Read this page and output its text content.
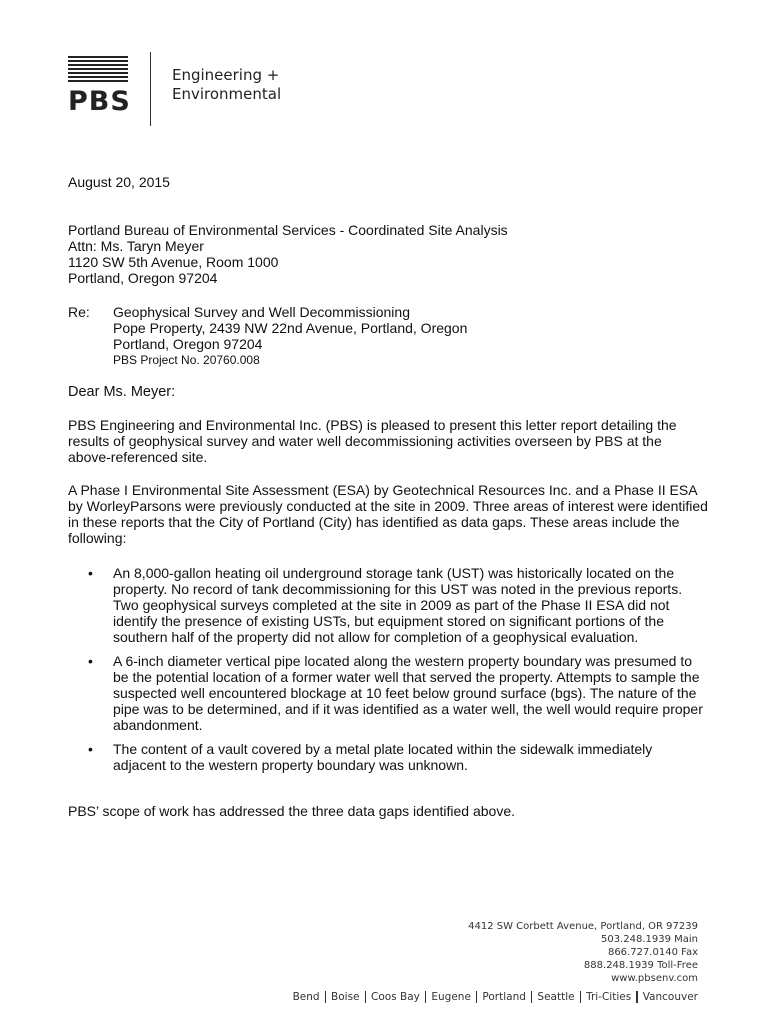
PBS
Engineering +
Environmental
August 20, 2015
Portland Bureau of Environmental Services - Coordinated Site Analysis
Attn: Ms. Taryn Meyer
1120 SW 5th Avenue, Room 1000
Portland, Oregon 97204
Re: Geophysical Survey and Well Decommissioning
Pope Property, 2439 NW 22nd Avenue, Portland, Oregon
Portland, Oregon 97204
PBS Project No. 20760.008
Dear Ms. Meyer:
PBS Engineering and Environmental Inc. (PBS) is pleased to present this letter report detailing the results of geophysical survey and water well decommissioning activities overseen by PBS at the above-referenced site.
A Phase I Environmental Site Assessment (ESA) by Geotechnical Resources Inc. and a Phase II ESA by WorleyParsons were previously conducted at the site in 2009. Three areas of interest were identified in these reports that the City of Portland (City) has identified as data gaps. These areas include the following:
• An 8,000-gallon heating oil underground storage tank (UST) was historically located on the property. No record of tank decommissioning for this UST was noted in the previous reports. Two geophysical surveys completed at the site in 2009 as part of the Phase II ESA did not identify the presence of existing USTs, but equipment stored on significant portions of the southern half of the property did not allow for completion of a geophysical evaluation.
• A 6-inch diameter vertical pipe located along the western property boundary was presumed to be the potential location of a former water well that served the property. Attempts to sample the suspected well encountered blockage at 10 feet below ground surface (bgs). The nature of the pipe was to be determined, and if it was identified as a water well, the well would require proper abandonment.
• The content of a vault covered by a metal plate located within the sidewalk immediately adjacent to the western property boundary was unknown.
PBS’ scope of work has addressed the three data gaps identified above.
4412 SW Corbett Avenue, Portland, OR 97239
503.248.1939 Main
866.727.0140 Fax
888.248.1939 Toll-Free
www.pbsenv.com
Bend Boise Coos Bay Eugene Portland Seattle Tri-Cities Vancouver
